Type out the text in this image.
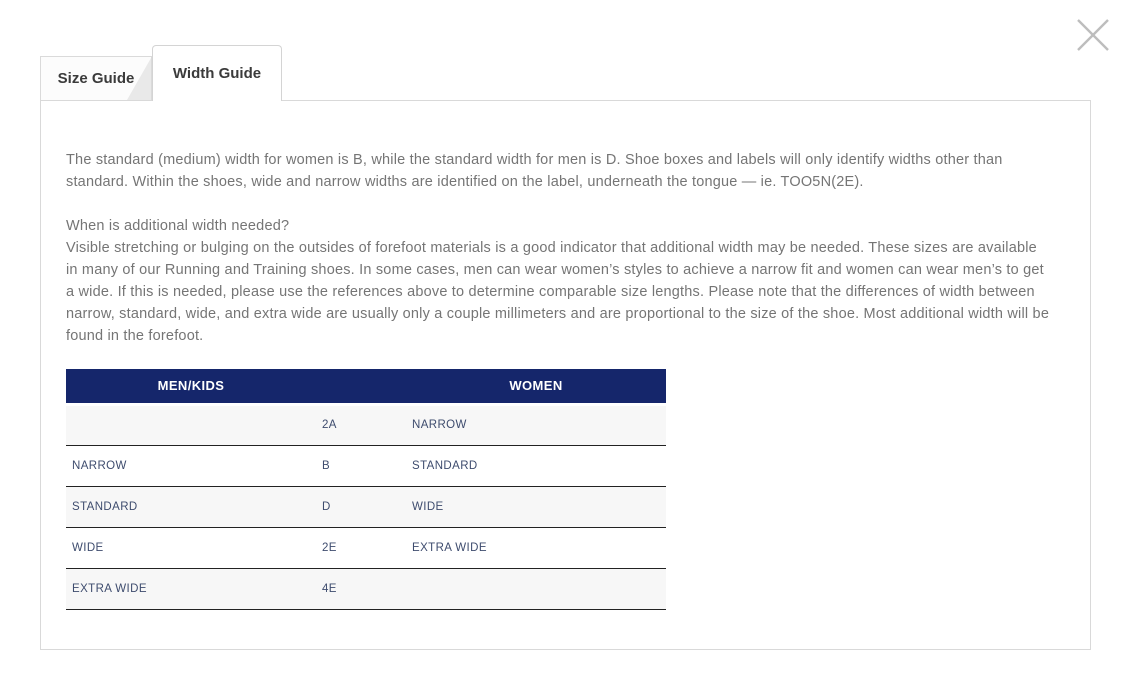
Size Guide	Width Guide

The standard (medium) width for women is B, while the standard width for men is D. Shoe boxes and labels will only identify widths other than standard. Within the shoes, wide and narrow widths are identified on the label, underneath the tongue — ie. TOO5N(2E).

When is additional width needed?
Visible stretching or bulging on the outsides of forefoot materials is a good indicator that additional width may be needed. These sizes are available in many of our Running and Training shoes. In some cases, men can wear women’s styles to achieve a narrow fit and women can wear men’s to get a wide. If this is needed, please use the references above to determine comparable size lengths. Please note that the differences of width between narrow, standard, wide, and extra wide are usually only a couple millimeters and are proportional to the size of the shoe. Most additional width will be found in the forefoot.
MEN/KIDS		WOMEN
	2A	NARROW
NARROW	B	STANDARD
STANDARD	D	WIDE
WIDE	2E	EXTRA WIDE
EXTRA WIDE	4E	
